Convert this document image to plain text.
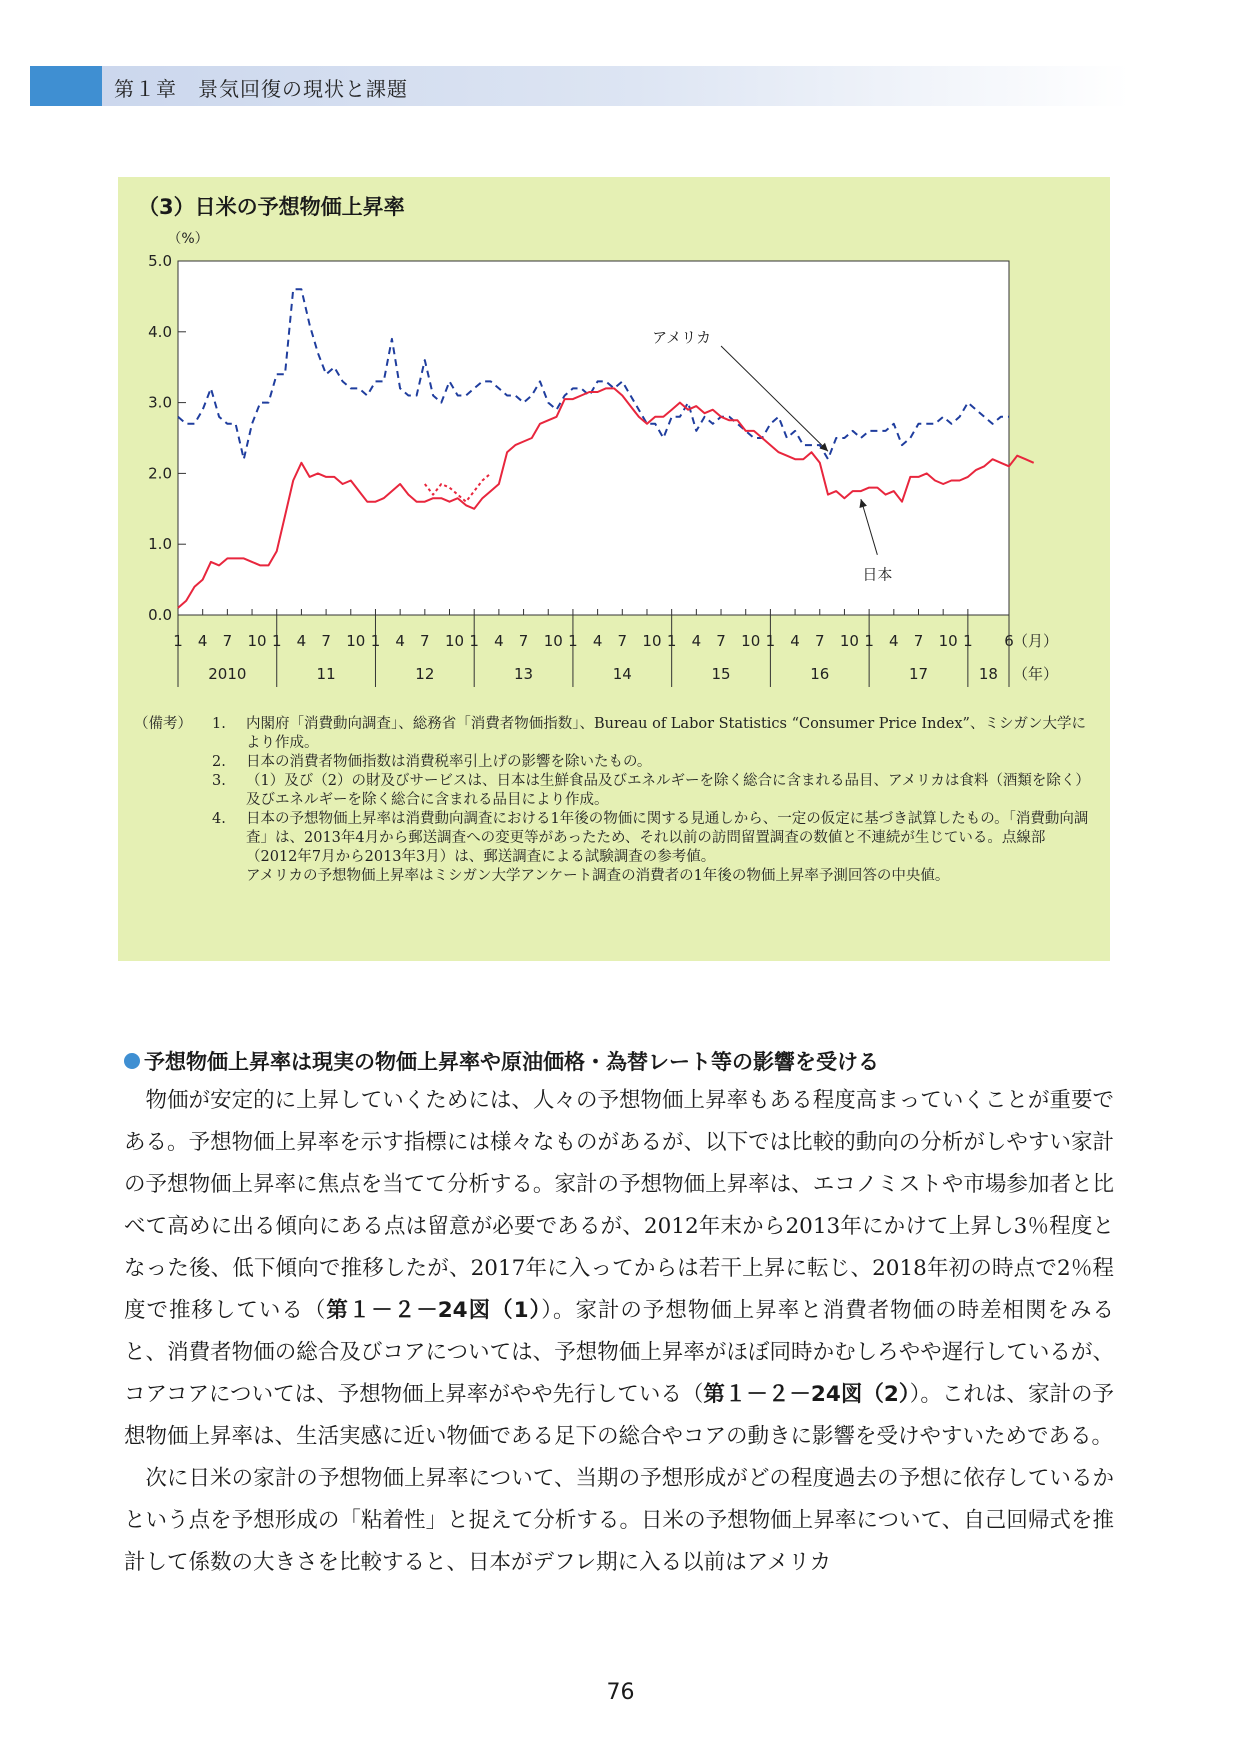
第１章　景気回復の現状と課題
0.0
1.0
2.0
3.0
4.0
5.0
（%）
1 4 7 10
2010
1 4 7 10
11
1 4 7 10
12
1 4 7 10
13
1 4 7 10
14
1 4 7 10
15
1 4 7 10
16
1 4 7 10
17
1 6
18
（月）
（年）
アメリカ
日本
（3）日米の予想物価上昇率
（備考）	1.	内閣府「消費動向調査」、総務省「消費者物価指数」、Bureau of Labor Statistics “Consumer Price Index”、ミシガン大学により作成。
2.	日本の消費者物価指数は消費税率引上げの影響を除いたもの。
3.	（1）及び（2）の財及びサービスは、日本は生鮮食品及びエネルギーを除く総合に含まれる品目、アメリカは食料（酒類を除く）及びエネルギーを除く総合に含まれる品目により作成。
4.	日本の予想物価上昇率は消費動向調査における1年後の物価に関する見通しから、一定の仮定に基づき試算したもの。「消費動向調査」は、2013年4月から郵送調査への変更等があったため、それ以前の訪問留置調査の数値と不連続が生じている。点線部（2012年7月から2013年3月）は、郵送調査による試験調査の参考値。
アメリカの予想物価上昇率はミシガン大学アンケート調査の消費者の1年後の物価上昇率予測回答の中央値。
予想物価上昇率は現実の物価上昇率や原油価格・為替レート等の影響を受ける

物価が安定的に上昇していくためには、人々の予想物価上昇率もある程度高まっていくことが重要である。予想物価上昇率を示す指標には様々なものがあるが、以下では比較的動向の分析がしやすい家計の予想物価上昇率に焦点を当てて分析する。家計の予想物価上昇率は、エコノミストや市場参加者と比べて高めに出る傾向にある点は留意が必要であるが、2012年末から2013年にかけて上昇し3％程度となった後、低下傾向で推移したが、2017年に入ってからは若干上昇に転じ、2018年初の時点で2％程度で推移している（第１－２－24図（1））。家計の予想物価上昇率と消費者物価の時差相関をみると、消費者物価の総合及びコアについては、予想物価上昇率がほぼ同時かむしろやや遅行しているが、コアコアについては、予想物価上昇率がやや先行している（第１－２－24図（2））。これは、家計の予想物価上昇率は、生活実感に近い物価である足下の総合やコアの動きに影響を受けやすいためである。

次に日米の家計の予想物価上昇率について、当期の予想形成がどの程度過去の予想に依存しているかという点を予想形成の「粘着性」と捉えて分析する。日米の予想物価上昇率について、自己回帰式を推計して係数の大きさを比較すると、日本がデフレ期に入る以前はアメリカ

76
